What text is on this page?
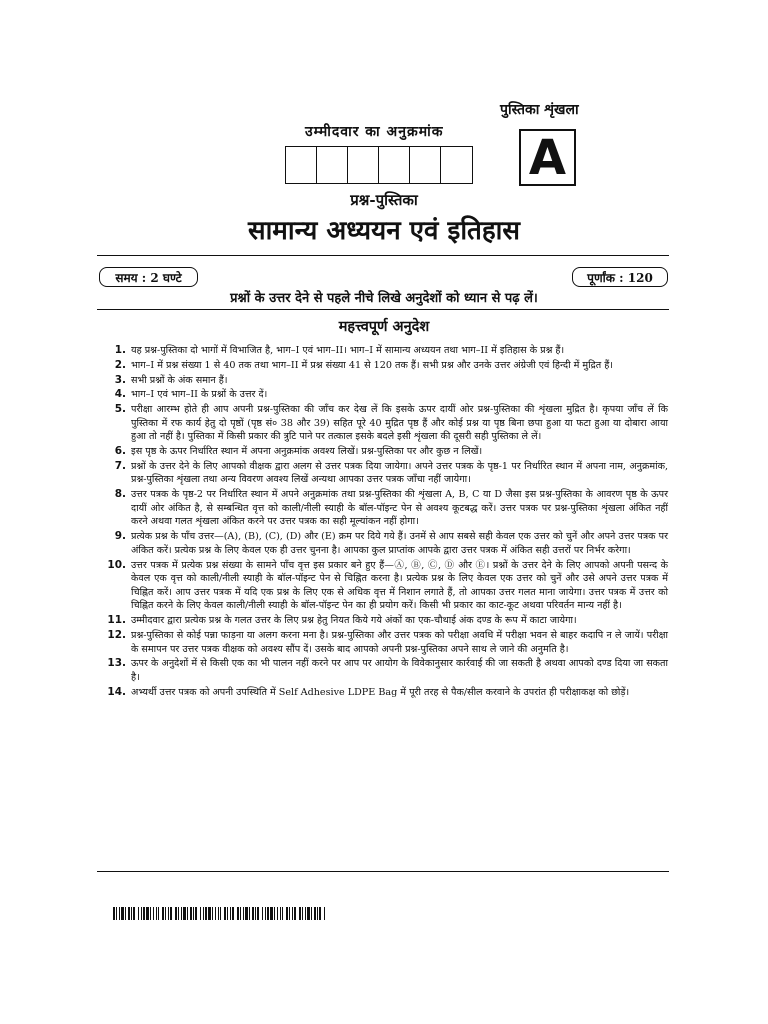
पुस्तिका शृंखला
उम्मीदवार का अनुक्रमांक A
प्रश्न-पुस्तिका
सामान्य अध्ययन एवं इतिहास
समय : 2 घण्टे	पूर्णांक : 120
प्रश्नों के उत्तर देने से पहले नीचे लिखे अनुदेशों को ध्यान से पढ़ लें।
महत्त्वपूर्ण अनुदेश
1. यह प्रश्न-पुस्तिका दो भागों में विभाजित है, भाग–I एवं भाग–II। भाग–I में सामान्य अध्ययन तथा भाग–II में इतिहास के प्रश्न हैं।
2. भाग–I में प्रश्न संख्या 1 से 40 तक तथा भाग–II में प्रश्न संख्या 41 से 120 तक हैं। सभी प्रश्न और उनके उत्तर अंग्रेजी एवं हिन्दी में मुद्रित हैं।
3. सभी प्रश्नों के अंक समान हैं।
4. भाग–I एवं भाग–II के प्रश्नों के उत्तर दें।
5. परीक्षा आरम्भ होते ही आप अपनी प्रश्न-पुस्तिका की जाँच कर देख लें कि इसके ऊपर दायीं ओर प्रश्न-पुस्तिका की शृंखला मुद्रित है। कृपया जाँच लें कि पुस्तिका में रफ कार्य हेतु दो पृष्ठों (पृष्ठ सं० 38 और 39) सहित पूरे 40 मुद्रित पृष्ठ हैं और कोई प्रश्न या पृष्ठ बिना छपा हुआ या फटा हुआ या दोबारा आया हुआ तो नहीं है। पुस्तिका में किसी प्रकार की त्रुटि पाने पर तत्काल इसके बदले इसी शृंखला की दूसरी सही पुस्तिका ले लें।
6. इस पृष्ठ के ऊपर निर्धारित स्थान में अपना अनुक्रमांक अवश्य लिखें। प्रश्न-पुस्तिका पर और कुछ न लिखें।
7. प्रश्नों के उत्तर देने के लिए आपको वीक्षक द्वारा अलग से उत्तर पत्रक दिया जायेगा। अपने उत्तर पत्रक के पृष्ठ-1 पर निर्धारित स्थान में अपना नाम, अनुक्रमांक, प्रश्न-पुस्तिका शृंखला तथा अन्य विवरण अवश्य लिखें अन्यथा आपका उत्तर पत्रक जाँचा नहीं जायेगा।
8. उत्तर पत्रक के पृष्ठ-2 पर निर्धारित स्थान में अपने अनुक्रमांक तथा प्रश्न-पुस्तिका की शृंखला A, B, C या D जैसा इस प्रश्न-पुस्तिका के आवरण पृष्ठ के ऊपर दायीं ओर अंकित है, से सम्बन्धित वृत्त को काली/नीली स्याही के बॉल-पॉइन्ट पेन से अवश्य कूटबद्ध करें। उत्तर पत्रक पर प्रश्न-पुस्तिका शृंखला अंकित नहीं करने अथवा गलत शृंखला अंकित करने पर उत्तर पत्रक का सही मूल्यांकन नहीं होगा।
9. प्रत्येक प्रश्न के पाँच उत्तर—(A), (B), (C), (D) और (E) क्रम पर दिये गये हैं। उनमें से आप सबसे सही केवल एक उत्तर को चुनें और अपने उत्तर पत्रक पर अंकित करें। प्रत्येक प्रश्न के लिए केवल एक ही उत्तर चुनना है। आपका कुल प्राप्तांक आपके द्वारा उत्तर पत्रक में अंकित सही उत्तरों पर निर्भर करेगा।
10. उत्तर पत्रक में प्रत्येक प्रश्न संख्या के सामने पाँच वृत्त इस प्रकार बने हुए हैं—Ⓐ, Ⓑ, Ⓒ, Ⓓ और Ⓔ। प्रश्नों के उत्तर देने के लिए आपको अपनी पसन्द के केवल एक वृत्त को काली/नीली स्याही के बॉल-पॉइन्ट पेन से चिह्नित करना है। प्रत्येक प्रश्न के लिए केवल एक उत्तर को चुनें और उसे अपने उत्तर पत्रक में चिह्नित करें। आप उत्तर पत्रक में यदि एक प्रश्न के लिए एक से अधिक वृत्त में निशान लगाते हैं, तो आपका उत्तर गलत माना जायेगा। उत्तर पत्रक में उत्तर को चिह्नित करने के लिए केवल काली/नीली स्याही के बॉल-पॉइन्ट पेन का ही प्रयोग करें। किसी भी प्रकार का काट-कूट अथवा परिवर्तन मान्य नहीं है।
11. उम्मीदवार द्वारा प्रत्येक प्रश्न के गलत उत्तर के लिए प्रश्न हेतु नियत किये गये अंकों का एक-चौथाई अंक दण्ड के रूप में काटा जायेगा।
12. प्रश्न-पुस्तिका से कोई पन्ना फाड़ना या अलग करना मना है। प्रश्न-पुस्तिका और उत्तर पत्रक को परीक्षा अवधि में परीक्षा भवन से बाहर कदापि न ले जायें। परीक्षा के समापन पर उत्तर पत्रक वीक्षक को अवश्य सौंप दें। उसके बाद आपको अपनी प्रश्न-पुस्तिका अपने साथ ले जाने की अनुमति है।
13. ऊपर के अनुदेशों में से किसी एक का भी पालन नहीं करने पर आप पर आयोग के विवेकानुसार कार्रवाई की जा सकती है अथवा आपको दण्ड दिया जा सकता है।
14. अभ्यर्थी उत्तर पत्रक को अपनी उपस्थिति में Self Adhesive LDPE Bag में पूरी तरह से पैक/सील करवाने के उपरांत ही परीक्षाकक्ष को छोड़ें।
